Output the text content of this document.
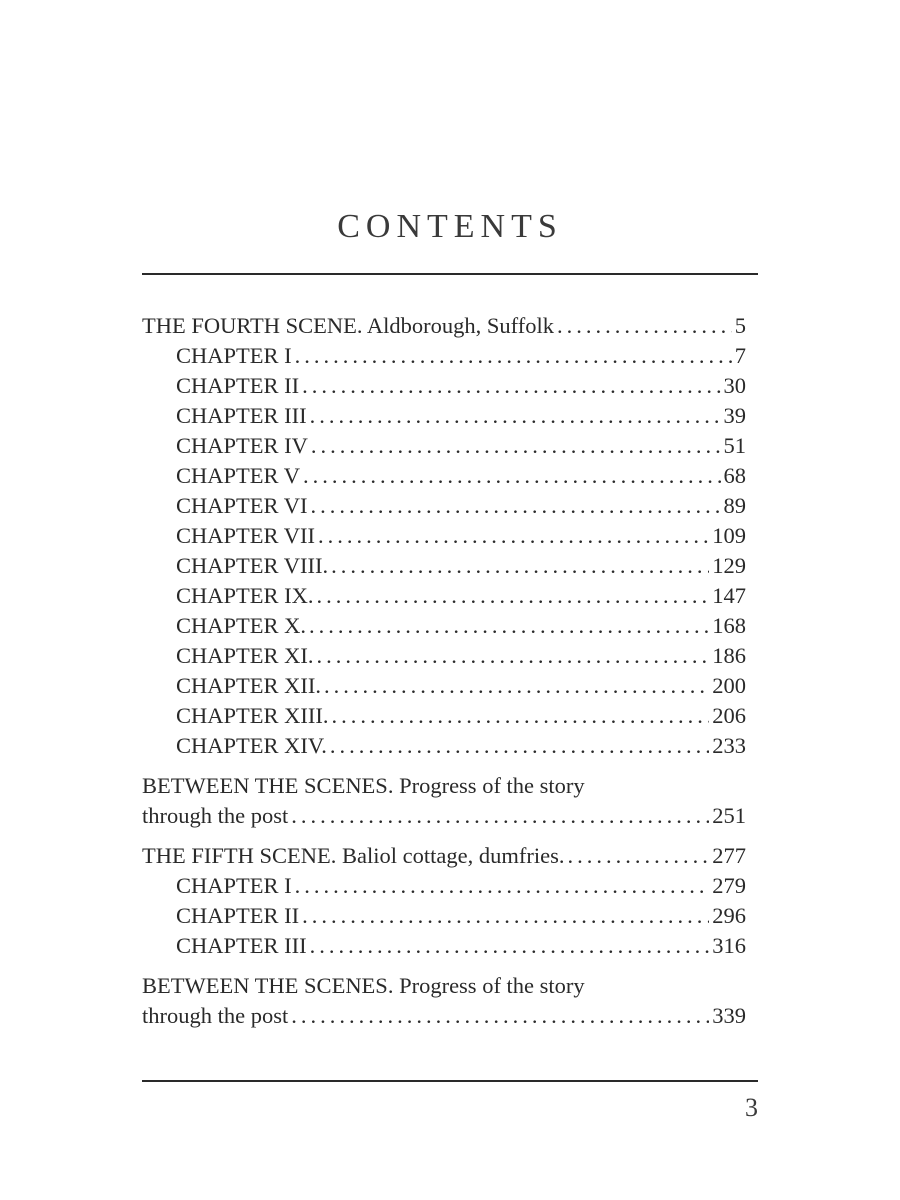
CONTENTS
THE FOURTH SCENE. Aldborough, Suffolk .....	5
CHAPTER I .....	7
CHAPTER II .....	30
CHAPTER III .....	39
CHAPTER IV .....	51
CHAPTER V .....	68
CHAPTER VI .....	89
CHAPTER VII .....	109
CHAPTER VIII. .....	129
CHAPTER IX. .....	147
CHAPTER X. .....	168
CHAPTER XI. .....	186
CHAPTER XII. .....	200
CHAPTER XIII. .....	206
CHAPTER XIV. .....	233
BETWEEN THE SCENES. Progress of the story
through the post .....	251
THE FIFTH SCENE. Baliol cottage, dumfries. .....	277
CHAPTER I .....	279
CHAPTER II .....	296
CHAPTER III .....	316
BETWEEN THE SCENES. Progress of the story
through the post .....	339
3
